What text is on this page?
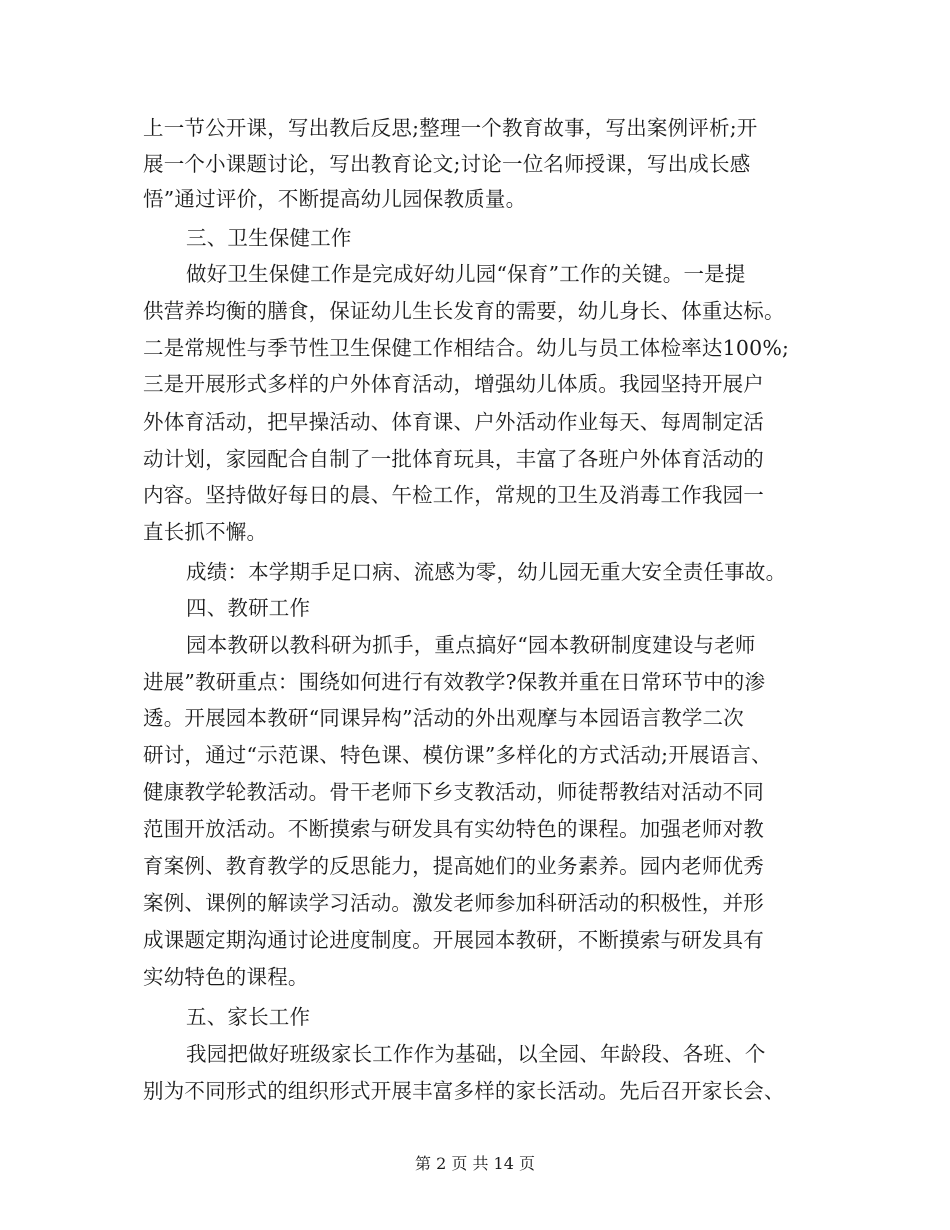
上一节公开课，写出教后反思;整理一个教育故事，写出案例评析;开
展一个小课题讨论，写出教育论文;讨论一位名师授课，写出成长感
悟”通过评价，不断提高幼儿园保教质量。
三、卫生保健工作
做好卫生保健工作是完成好幼儿园“保育”工作的关键。一是提
供营养均衡的膳食，保证幼儿生长发育的需要，幼儿身长、体重达标。
二是常规性与季节性卫生保健工作相结合。幼儿与员工体检率达100%;
三是开展形式多样的户外体育活动，增强幼儿体质。我园坚持开展户
外体育活动，把早操活动、体育课、户外活动作业每天、每周制定活
动计划，家园配合自制了一批体育玩具，丰富了各班户外体育活动的
内容。坚持做好每日的晨、午检工作，常规的卫生及消毒工作我园一
直长抓不懈。
成绩：本学期手足口病、流感为零，幼儿园无重大安全责任事故。
四、教研工作
园本教研以教科研为抓手，重点搞好“园本教研制度建设与老师
进展”教研重点：围绕如何进行有效教学?保教并重在日常环节中的渗
透。开展园本教研“同课异构”活动的外出观摩与本园语言教学二次
研讨，通过“示范课、特色课、模仿课”多样化的方式活动;开展语言、
健康教学轮教活动。骨干老师下乡支教活动，师徒帮教结对活动不同
范围开放活动。不断摸索与研发具有实幼特色的课程。加强老师对教
育案例、教育教学的反思能力，提高她们的业务素养。园内老师优秀
案例、课例的解读学习活动。激发老师参加科研活动的积极性，并形
成课题定期沟通讨论进度制度。开展园本教研，不断摸索与研发具有
实幼特色的课程。
五、家长工作
我园把做好班级家长工作作为基础，以全园、年龄段、各班、个
别为不同形式的组织形式开展丰富多样的家长活动。先后召开家长会、
第 2 页 共 14 页
